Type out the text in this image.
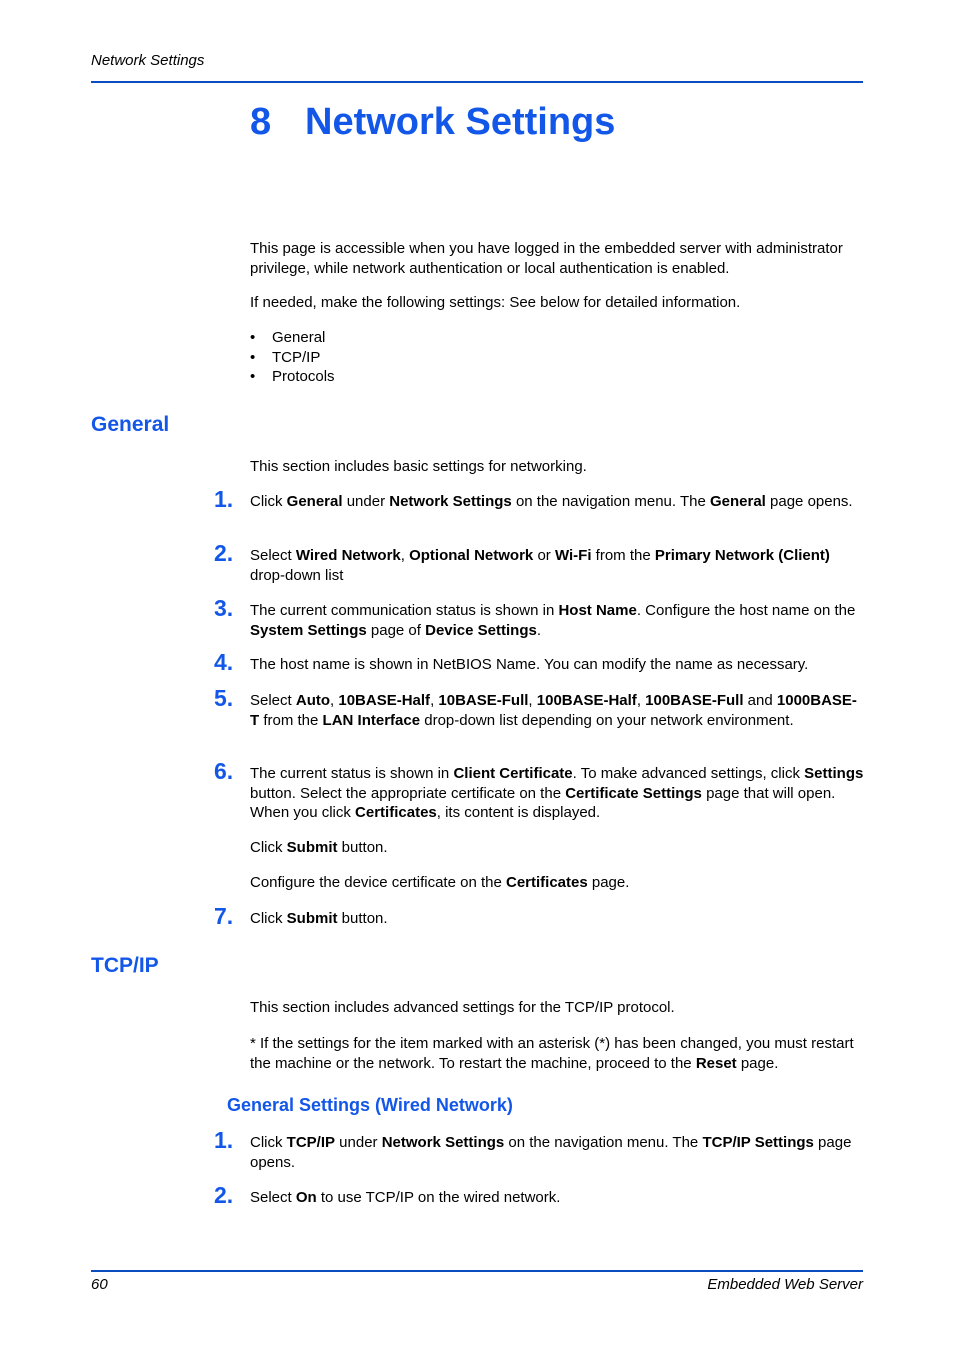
Network Settings
8 Network Settings
This page is accessible when you have logged in the embedded server with administrator privilege, while network authentication or local authentication is enabled.
If needed, make the following settings: See below for detailed information.
• General
• TCP/IP
• Protocols
General
This section includes basic settings for networking.
1. Click General under Network Settings on the navigation menu. The General page opens.
2. Select Wired Network, Optional Network or Wi-Fi from the Primary Network (Client) drop-down list
3. The current communication status is shown in Host Name. Configure the host name on the System Settings page of Device Settings.
4. The host name is shown in NetBIOS Name. You can modify the name as necessary.
5. Select Auto, 10BASE-Half, 10BASE-Full, 100BASE-Half, 100BASE-Full and 1000BASE-T from the LAN Interface drop-down list depending on your network environment.
6. The current status is shown in Client Certificate. To make advanced settings, click Settings button. Select the appropriate certificate on the Certificate Settings page that will open. When you click Certificates, its content is displayed.
Click Submit button.
Configure the device certificate on the Certificates page.
7. Click Submit button.
TCP/IP
This section includes advanced settings for the TCP/IP protocol.
* If the settings for the item marked with an asterisk (*) has been changed, you must restart the machine or the network. To restart the machine, proceed to the Reset page.
General Settings (Wired Network)
1. Click TCP/IP under Network Settings on the navigation menu. The TCP/IP Settings page opens.
2. Select On to use TCP/IP on the wired network.
60	Embedded Web Server
